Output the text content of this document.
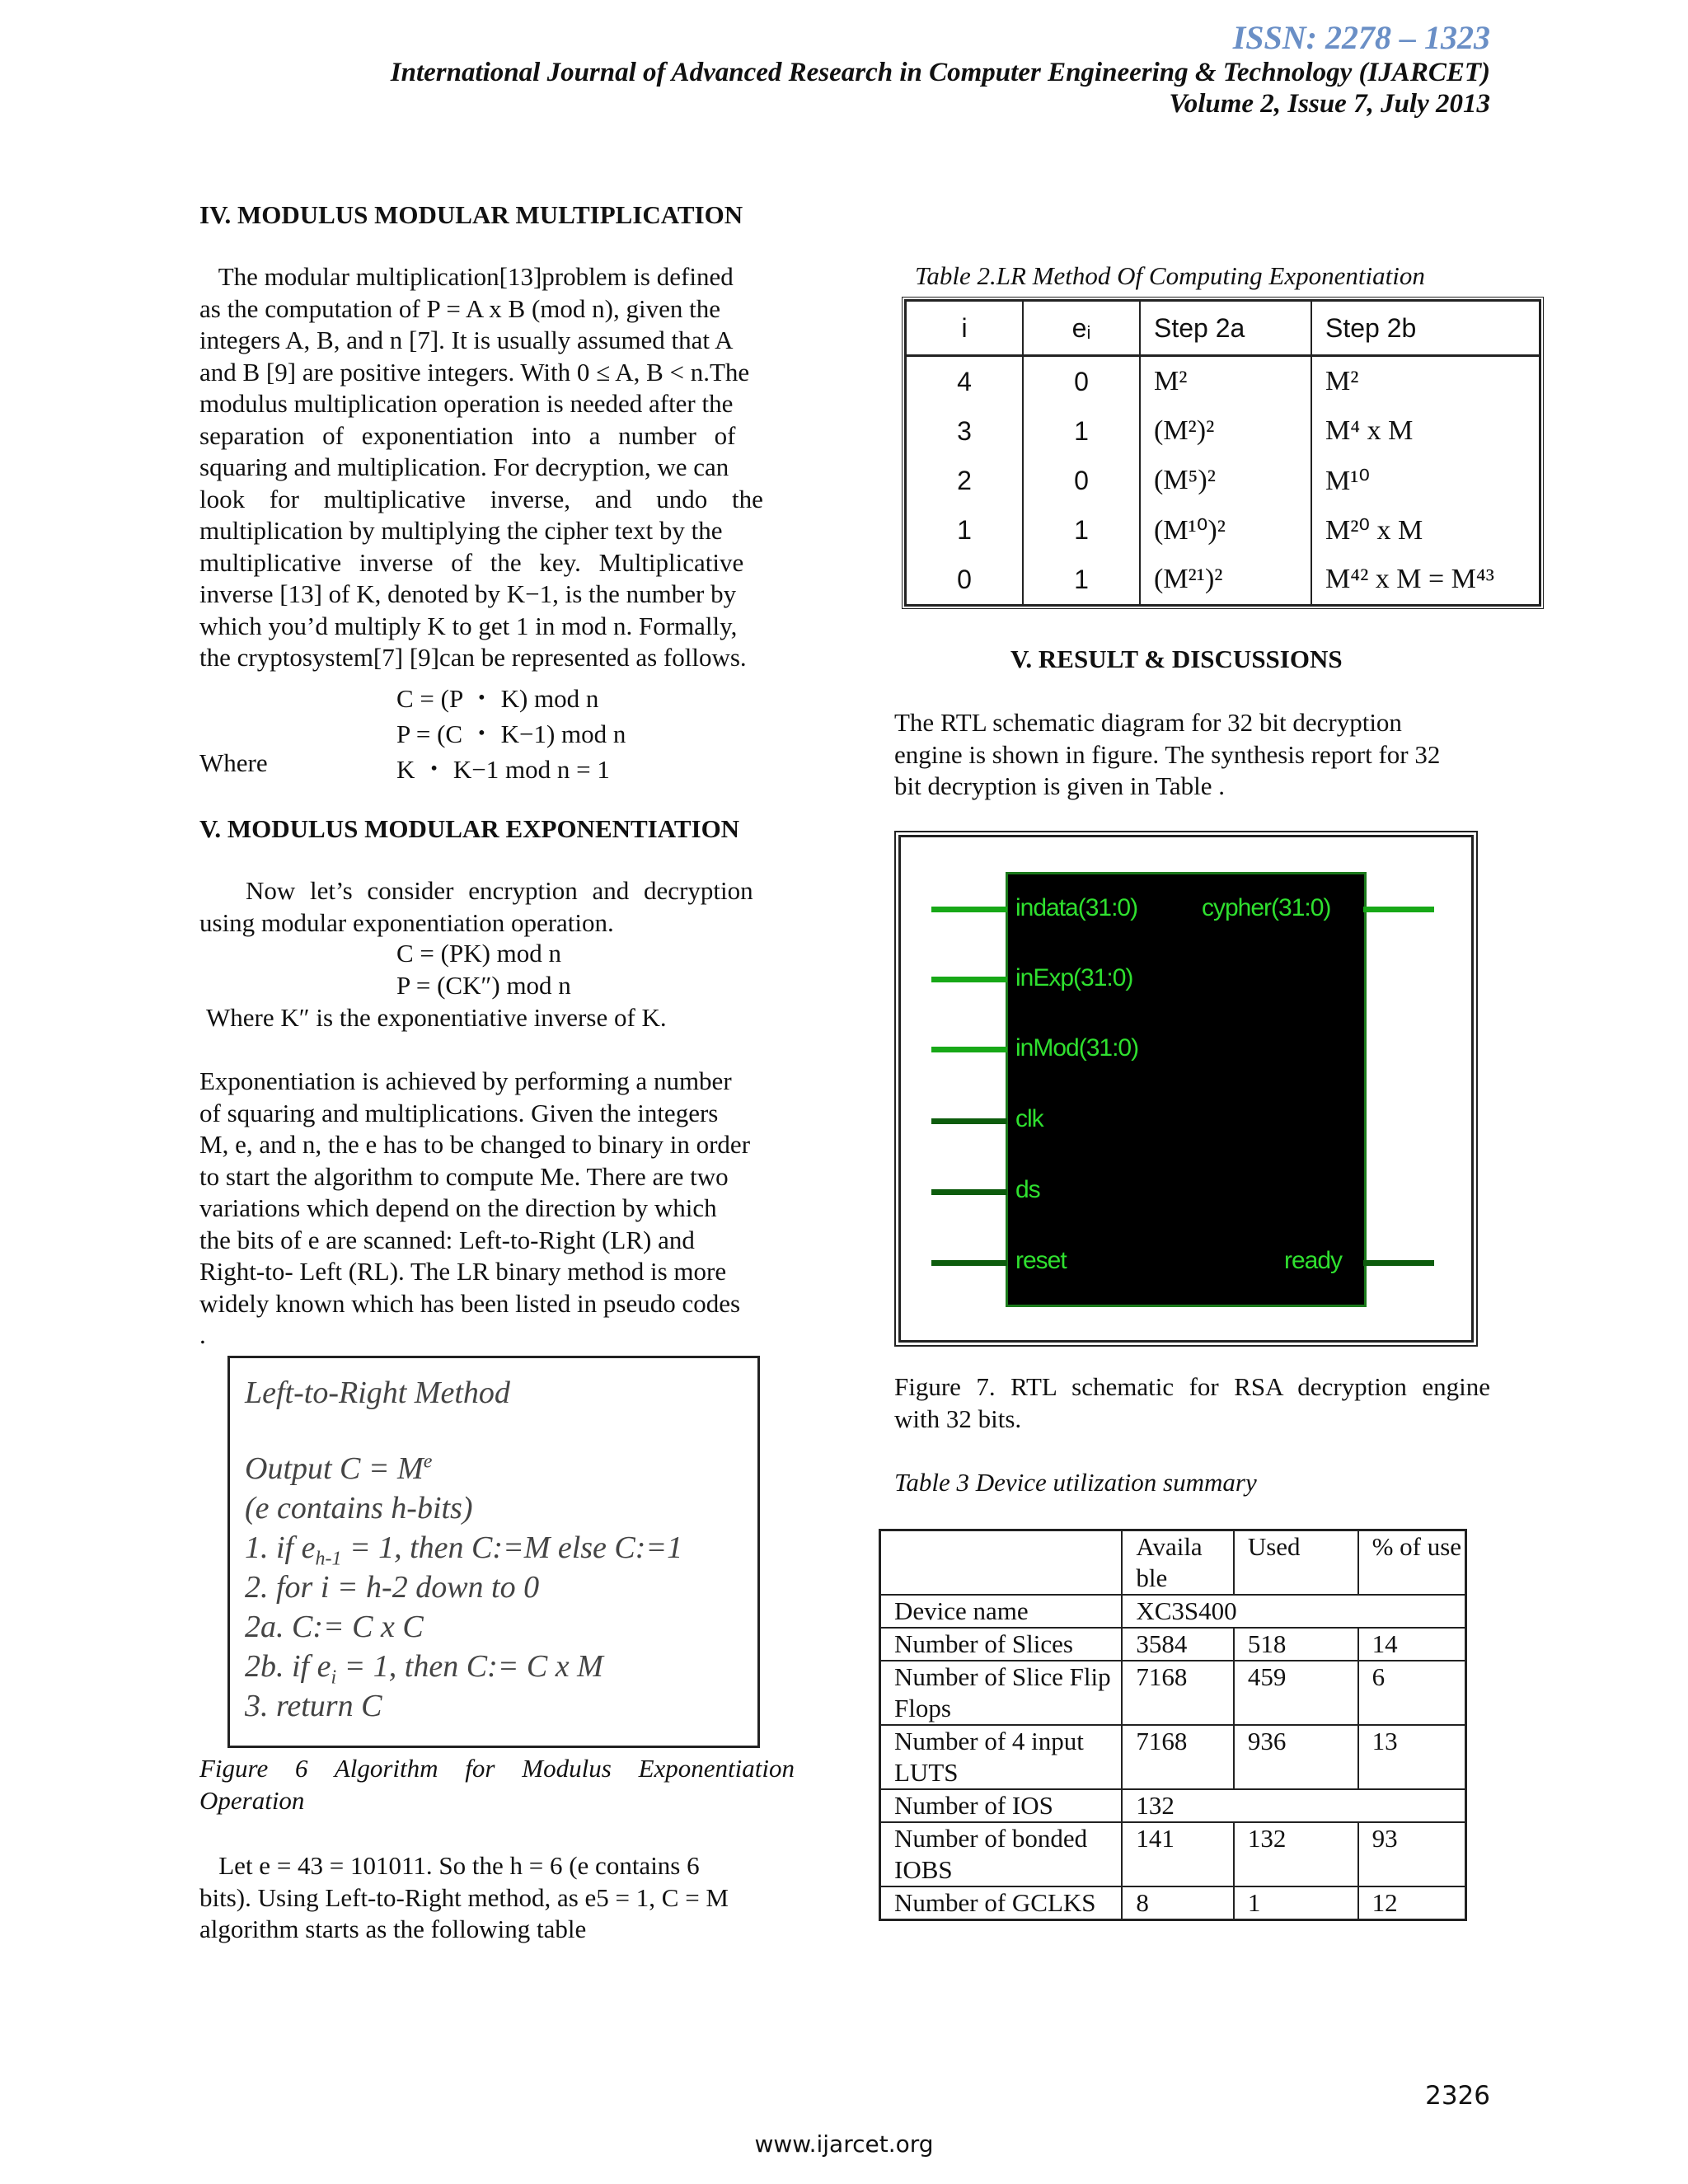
ISSN: 2278 – 1323
International Journal of Advanced Research in Computer Engineering & Technology (IJARCET)
Volume 2, Issue 7, July 2013
IV. MODULUS MODULAR MULTIPLICATION
The modular multiplication[13]problem is defined
as the computation of P = A x B (mod n), given the
integers A, B, and n [7]. It is usually assumed that A
and B [9] are positive integers. With 0 ≤ A, B < n.The
modulus multiplication operation is needed after the
separation of exponentiation into a number of
squaring and multiplication. For decryption, we can
look for multiplicative inverse, and undo the
multiplication by multiplying the cipher text by the
multiplicative inverse of the key. Multiplicative
inverse [13] of K, denoted by K−1, is the number by
which you’d multiply K to get 1 in mod n. Formally,
the cryptosystem[7] [9]can be represented as follows.
C = (P ・ K) mod n
P = (C ・ K−1) mod n
Where	K ・ K−1 mod n = 1
V. MODULUS MODULAR EXPONENTIATION
Now let’s consider encryption and decryption
using modular exponentiation operation.
C = (PK) mod n
P = (CK″) mod n
Where K″ is the exponentiative inverse of K.
Exponentiation is achieved by performing a number
of squaring and multiplications. Given the integers
M, e, and n, the e has to be changed to binary in order
to start the algorithm to compute Me. There are two
variations which depend on the direction by which
the bits of e are scanned: Left-to-Right (LR) and
Right-to- Left (RL). The LR binary method is more
widely known which has been listed in pseudo codes
.
Left-to-Right Method
Output $C = M^e$
(e contains h-bits)
1. if $e_{h-1} = 1$, then C:=M else C:=1
2. for i = h-2 down to 0
2a. C:= C x C
2b. if $e_i = 1$, then C:= C x M
3. return C
Figure 6 Algorithm for Modulus Exponentiation
Operation
Let e = 43 = 101011. So the h = 6 (e contains 6
bits). Using Left-to-Right method, as e5 = 1, C = M
algorithm starts as the following table
Table 2.LR Method Of Computing Exponentiation
i	eᵢ	Step 2a	Step 2b
4	0	M²	M²
3	1	(M²)²	M⁴ x M
2	0	(M⁵)²	M¹⁰
1	1	(M¹⁰)²	M²⁰ x M
0	1	(M²¹)²	M⁴² x M = M⁴³
V. RESULT & DISCUSSIONS
The RTL schematic diagram for 32 bit decryption
engine is shown in figure. The synthesis report for 32
bit decryption is given in Table .
indata(31:0)
inExp(31:0)
inMod(31:0)
clk
ds
reset
cypher(31:0)
ready
Figure 7. RTL schematic for RSA decryption engine
with 32 bits.
Table 3 Device utilization summary
	Availa ble	Used	% of use
Device name	XC3S400		
Number of Slices	3584	518	14
Number of Slice Flip Flops	7168	459	6
Number of 4 input LUTS	7168	936	13
Number of IOS	132		
Number of bonded IOBS	141	132	93
Number of GCLKS	8	1	12
2326
www.ijarcet.org
